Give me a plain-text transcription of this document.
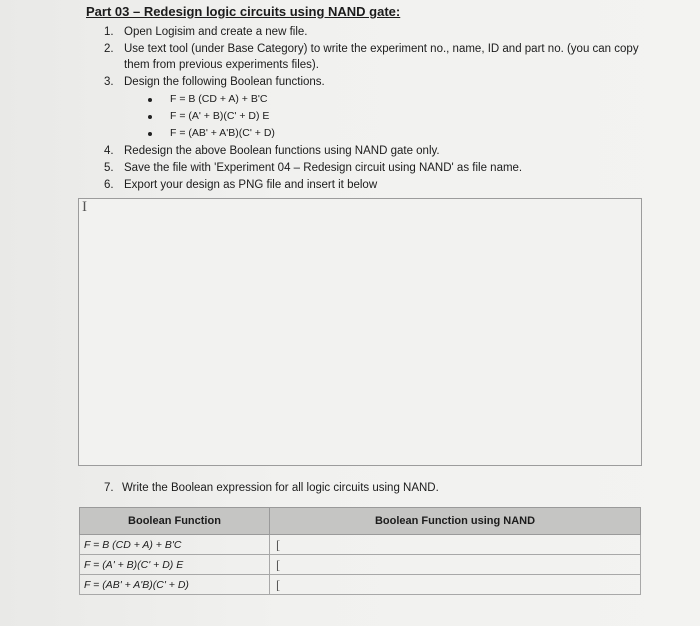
Part 03 – Redesign logic circuits using NAND gate:
1. Open Logisim and create a new file.
2. Use text tool (under Base Category) to write the experiment no., name, ID and part no. (you can copy them from previous experiments files).
3. Design the following Boolean functions.
F = B (CD + A) + B'C
F = (A' + B)(C' + D) E
F = (AB' + A'B)(C' + D)
4. Redesign the above Boolean functions using NAND gate only.
5. Save the file with 'Experiment 04 – Redesign circuit using NAND' as file name.
6. Export your design as PNG file and insert it below
I
7. Write the Boolean expression for all logic circuits using NAND.
Boolean Function	Boolean Function using NAND
F = B (CD + A) + B'C	[
F = (A' + B)(C' + D) E	[
F = (AB' + A'B)(C' + D)	[
